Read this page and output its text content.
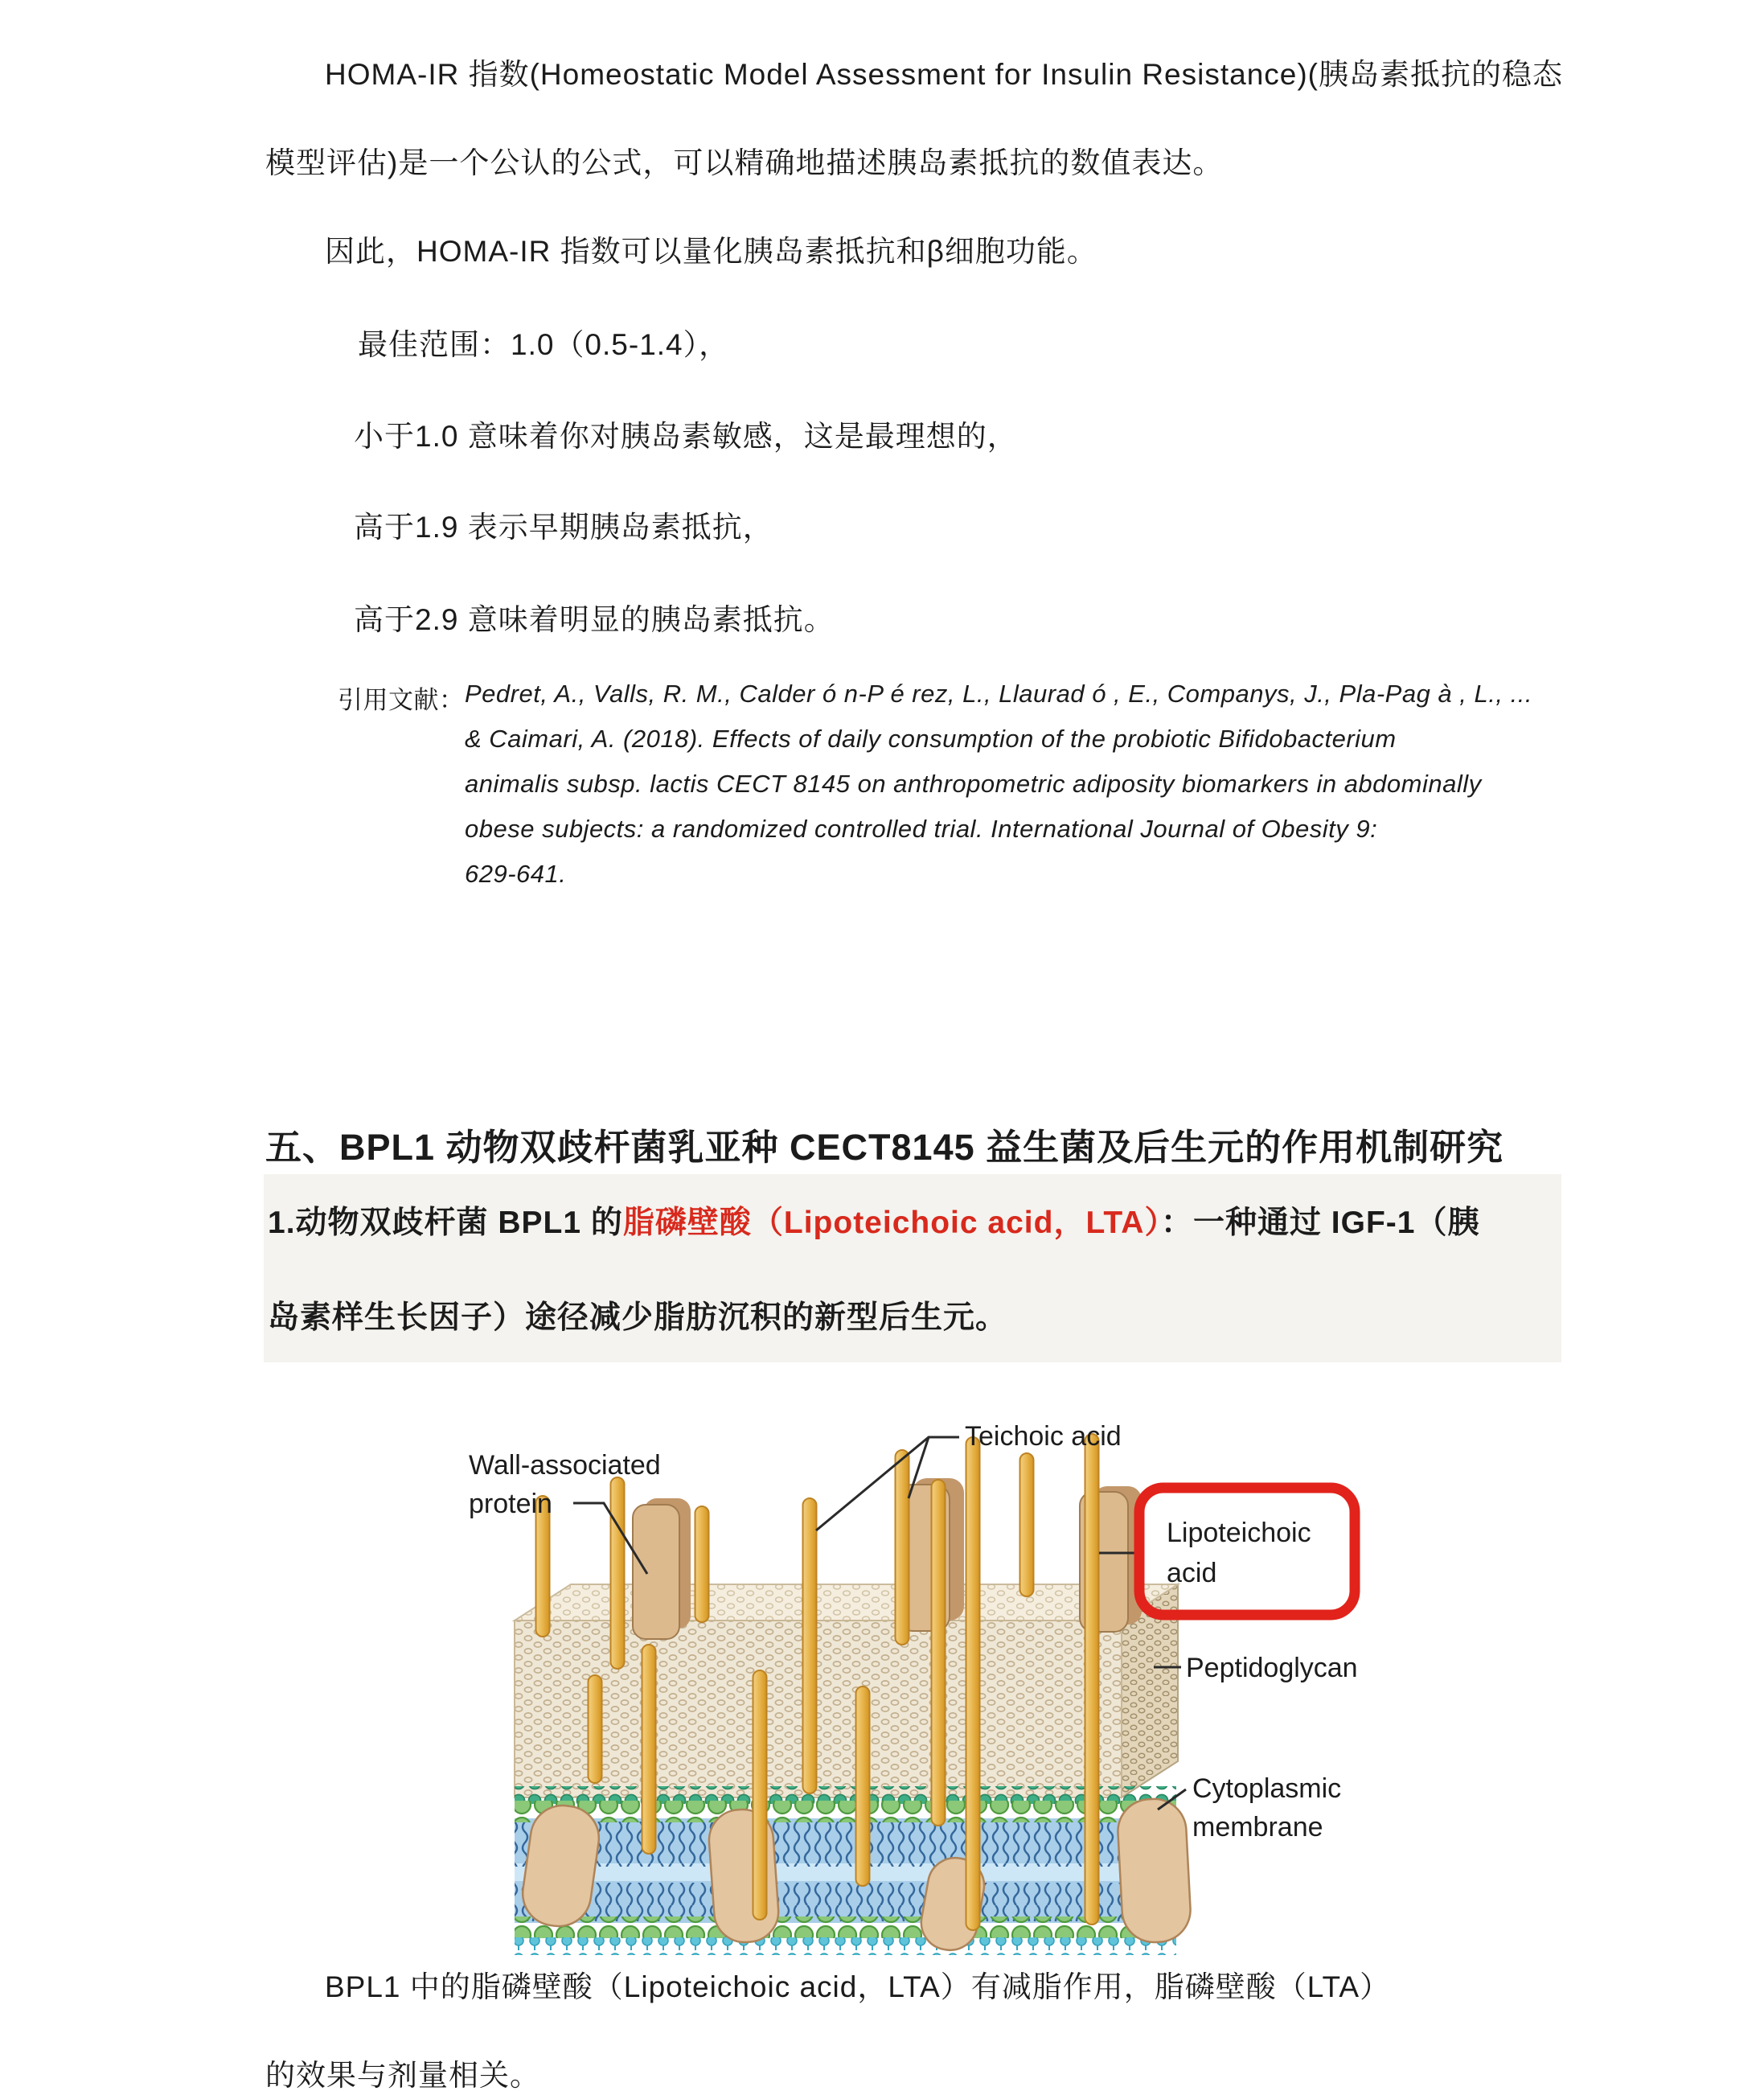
HOMA-IR 指数(Homeostatic Model Assessment for Insulin Resistance)(胰岛素抵抗的稳态
模型评估)是一个公认的公式，可以精确地描述胰岛素抵抗的数值表达。
因此，HOMA-IR 指数可以量化胰岛素抵抗和β细胞功能。
最佳范围：1.0（0.5-1.4），
小于1.0 意味着你对胰岛素敏感，这是最理想的，
高于1.9 表示早期胰岛素抵抗，
高于2.9 意味着明显的胰岛素抵抗。
引用文献： Pedret, A., Valls, R. M., Calder ó n-P é rez, L., Llaurad ó , E., Companys, J., Pla-Pag à , L., ...
& Caimari, A. (2018). Effects of daily consumption of the probiotic Bifidobacterium
animalis subsp. lactis CECT 8145 on anthropometric adiposity biomarkers in abdominally
obese subjects: a randomized controlled trial. International Journal of Obesity 9:
629-641.
五、BPL1 动物双歧杆菌乳亚种 CECT8145 益生菌及后生元的作用机制研究
1.动物双歧杆菌 BPL1 的脂磷壁酸（Lipoteichoic acid，LTA）：一种通过 IGF-1（胰
岛素样生长因子）途径减少脂肪沉积的新型后生元。
Wall-associated
protein
Teichoic acid
Lipoteichoic
acid
Peptidoglycan
Cytoplasmic
membrane
BPL1 中的脂磷壁酸（Lipoteichoic acid，LTA）有减脂作用，脂磷壁酸（LTA）
的效果与剂量相关。
